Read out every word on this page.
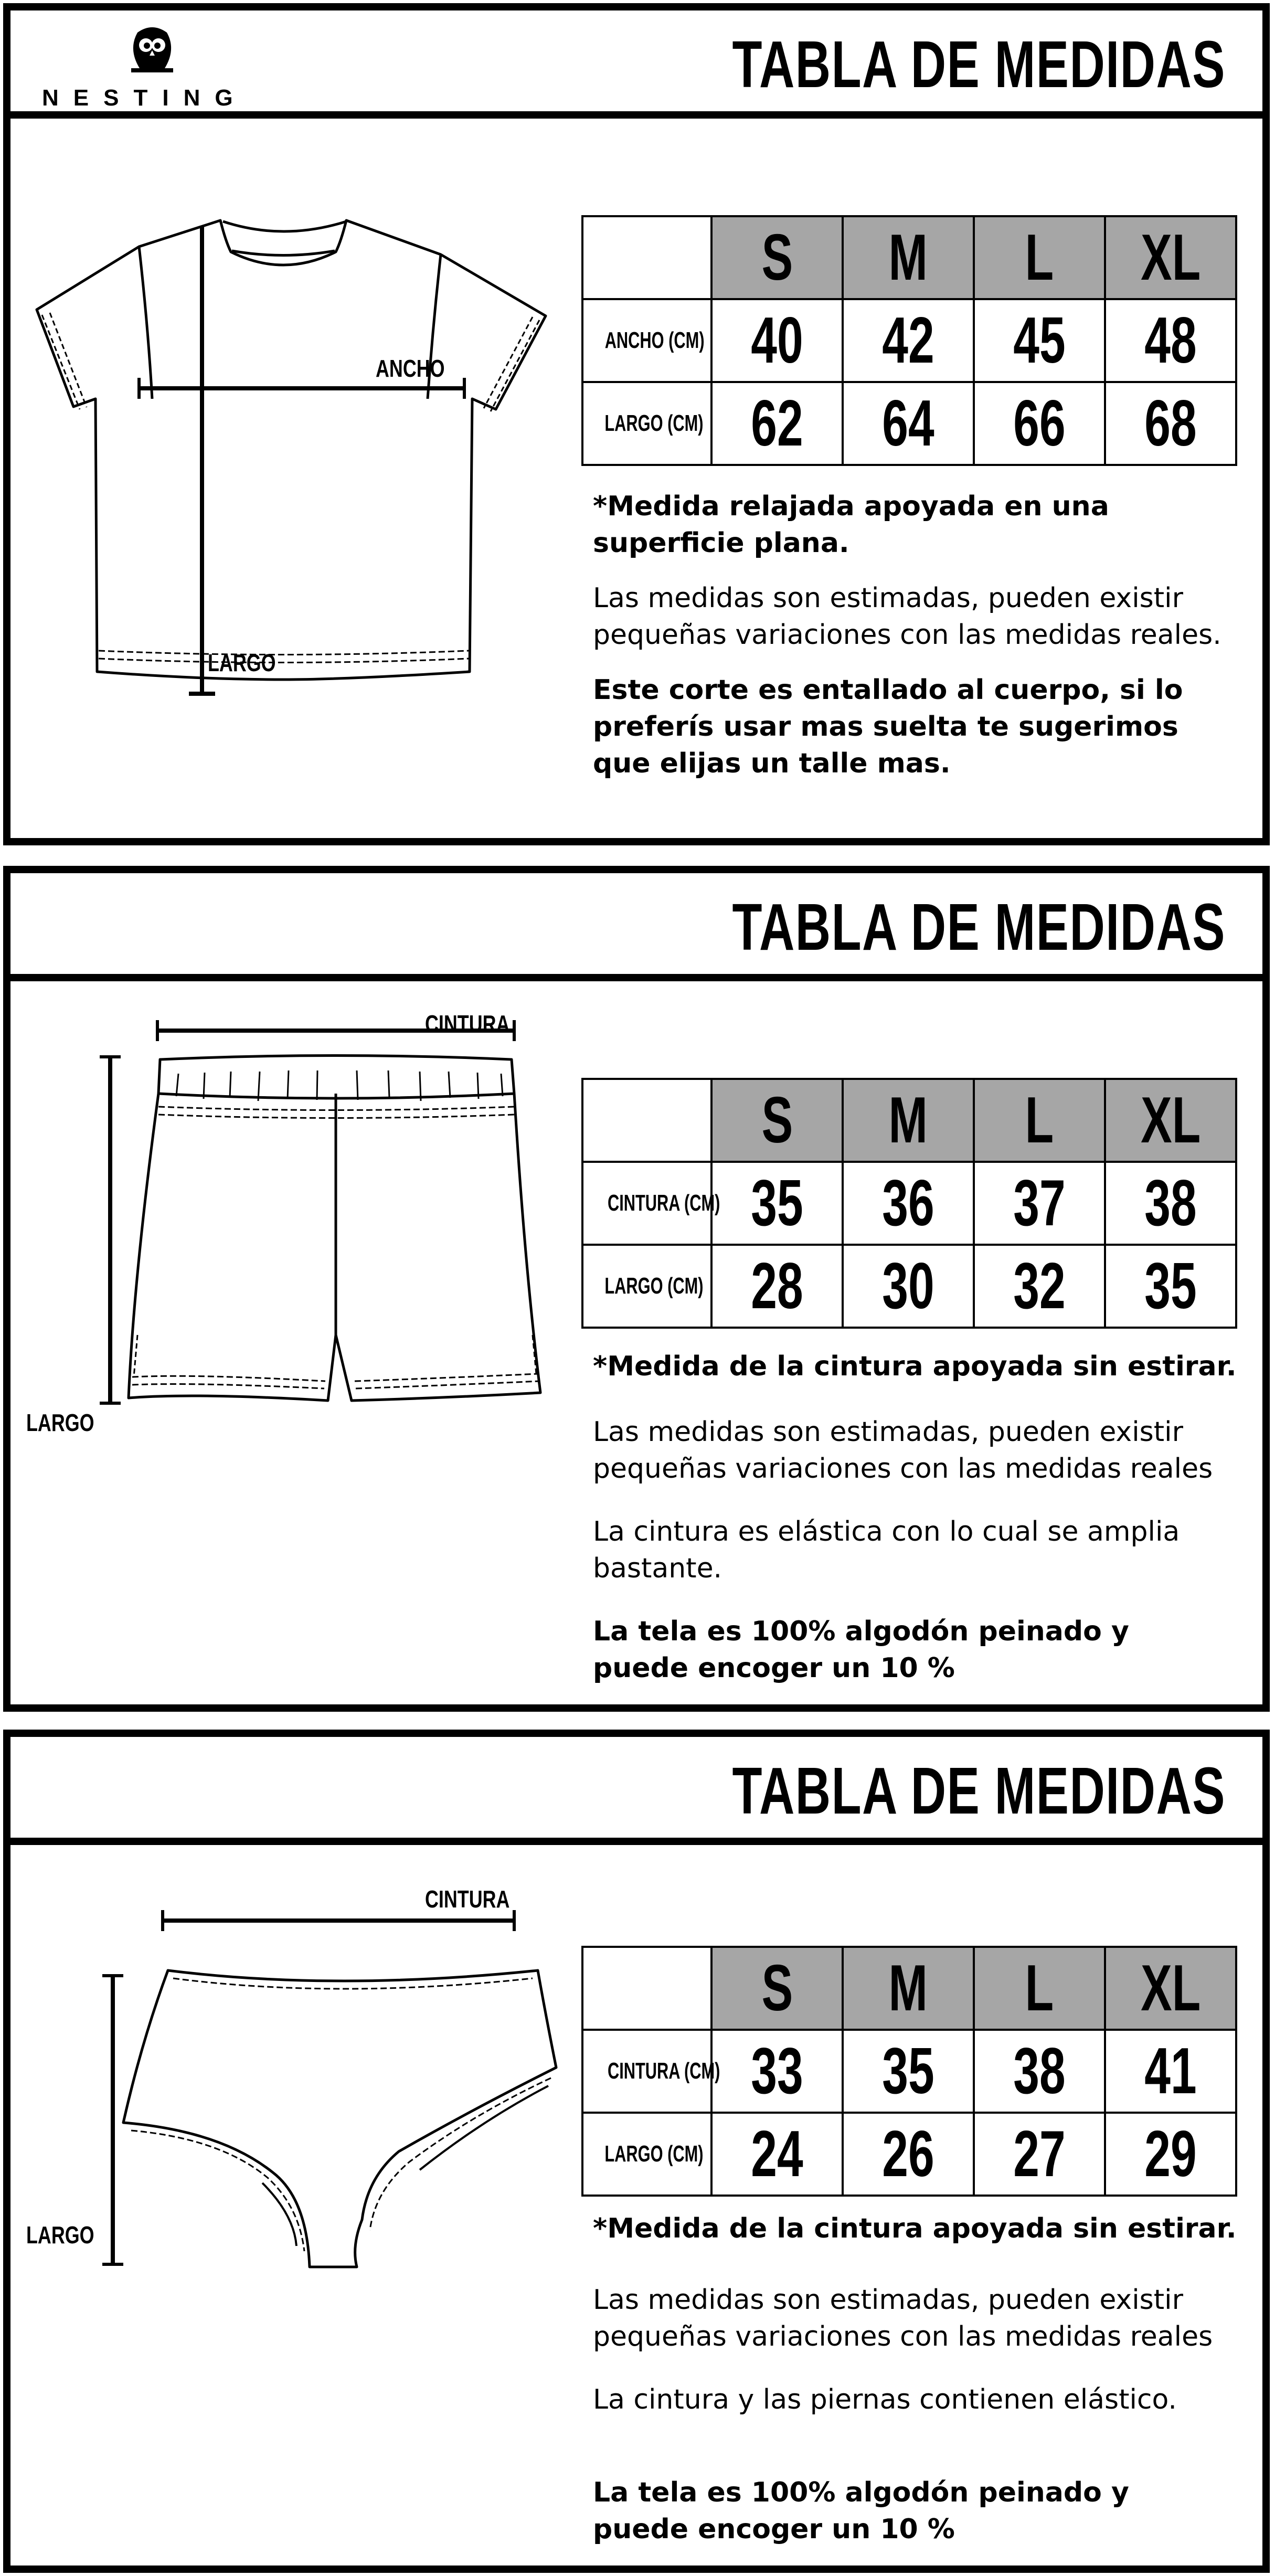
NESTING	TABLA DE MEDIDAS
ANCHO
LARGO
	S	M	L	XL
ANCHO (CM)	40	42	45	48
LARGO (CM)	62	64	66	68
*Medida relajada apoyada en una superficie plana.
Las medidas son estimadas, pueden existir pequeñas variaciones con las medidas reales.
Este corte es entallado al cuerpo, si lo preferís usar mas suelta te sugerimos que elijas un talle mas.
TABLA DE MEDIDAS
CINTURA
LARGO
	S	M	L	XL
CINTURA (CM)	35	36	37	38
LARGO (CM)	28	30	32	35
*Medida de la cintura apoyada sin estirar.
Las medidas son estimadas, pueden existir pequeñas variaciones con las medidas reales
La cintura es elástica con lo cual se amplia bastante.
La tela es 100% algodón peinado y puede encoger un 10 %
TABLA DE MEDIDAS
CINTURA
LARGO
	S	M	L	XL
CINTURA (CM)	33	35	38	41
LARGO (CM)	24	26	27	29
*Medida de la cintura apoyada sin estirar.
Las medidas son estimadas, pueden existir pequeñas variaciones con las medidas reales
La cintura y las piernas contienen elástico.
La tela es 100% algodón peinado y puede encoger un 10 %
